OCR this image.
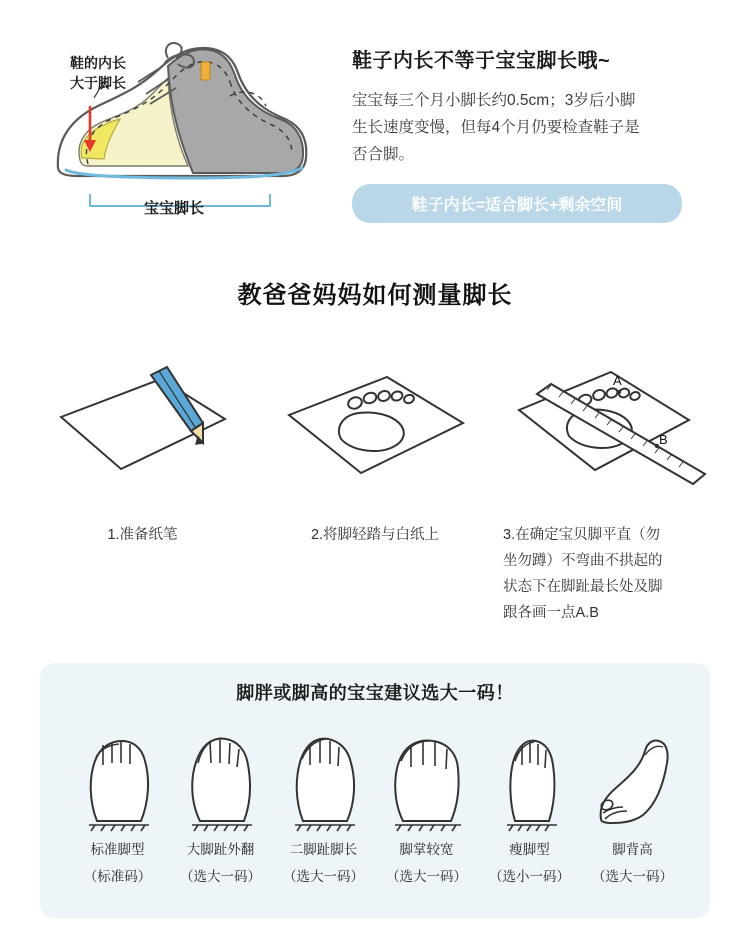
鞋的内长
大于脚长
宝宝脚长
鞋子内长不等于宝宝脚长哦~
宝宝每三个月小脚长约0.5cm；3岁后小脚
生长速度变慢，但每4个月仍要检查鞋子是
否合脚。
鞋子内长=适合脚长+剩余空间
教爸爸妈妈如何测量脚长
1.准备纸笔	2.将脚轻踏与白纸上
A
B
3.在确定宝贝脚平直（勿
坐勿蹲）不弯曲不拱起的
状态下在脚趾最长处及脚
跟各画一点A.B
脚胖或脚高的宝宝建议选大一码！
标准脚型
（标准码）
大脚趾外翻
（选大一码）
二脚趾脚长
（选大一码）
脚掌较宽
（选大一码）
瘦脚型
（选小一码）
脚背高
（选大一码）
